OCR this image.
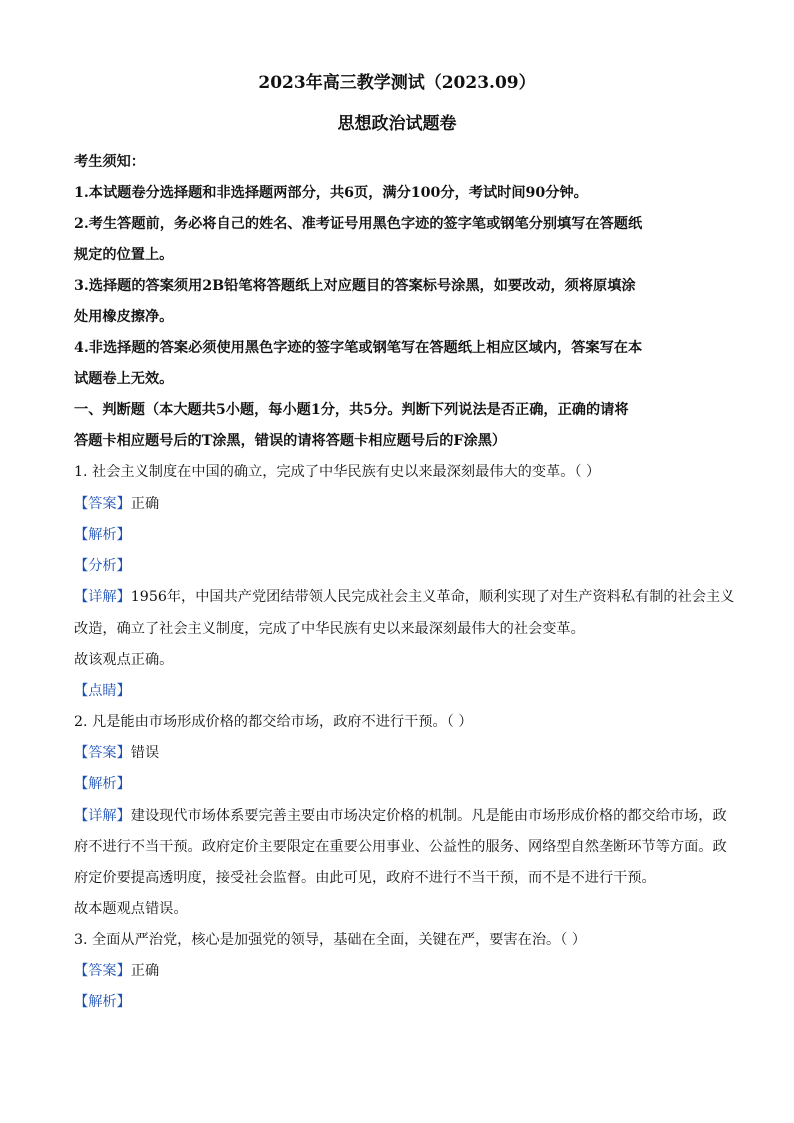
2023年高三教学测试（2023.09）
思想政治试题卷
考生须知：
1.本试题卷分选择题和非选择题两部分，共6页，满分100分，考试时间90分钟。
2.考生答题前，务必将自己的姓名、准考证号用黑色字迹的签字笔或钢笔分别填写在答题纸
规定的位置上。
3.选择题的答案须用2B铅笔将答题纸上对应题目的答案标号涂黑，如要改动，须将原填涂
处用橡皮擦净。
4.非选择题的答案必须使用黑色字迹的签字笔或钢笔写在答题纸上相应区域内，答案写在本
试题卷上无效。
一、判断题（本大题共5小题，每小题1分，共5分。判断下列说法是否正确，正确的请将
答题卡相应题号后的T涂黑，错误的请将答题卡相应题号后的F涂黑）
1. 社会主义制度在中国的确立，完成了中华民族有史以来最深刻最伟大的变革。（ ）
【答案】正确
【解析】
【分析】
【详解】1956年，中国共产党团结带领人民完成社会主义革命，顺利实现了对生产资料私有制的社会主义
改造，确立了社会主义制度，完成了中华民族有史以来最深刻最伟大的社会变革。
故该观点正确。
【点睛】
2. 凡是能由市场形成价格的都交给市场，政府不进行干预。（ ）
【答案】错误
【解析】
【详解】建设现代市场体系要完善主要由市场决定价格的机制。凡是能由市场形成价格的都交给市场，政
府不进行不当干预。政府定价主要限定在重要公用事业、公益性的服务、网络型自然垄断环节等方面。政
府定价要提高透明度，接受社会监督。由此可见，政府不进行不当干预，而不是不进行干预。
故本题观点错误。
3. 全面从严治党，核心是加强党的领导，基础在全面，关键在严，要害在治。（ ）
【答案】正确
【解析】
